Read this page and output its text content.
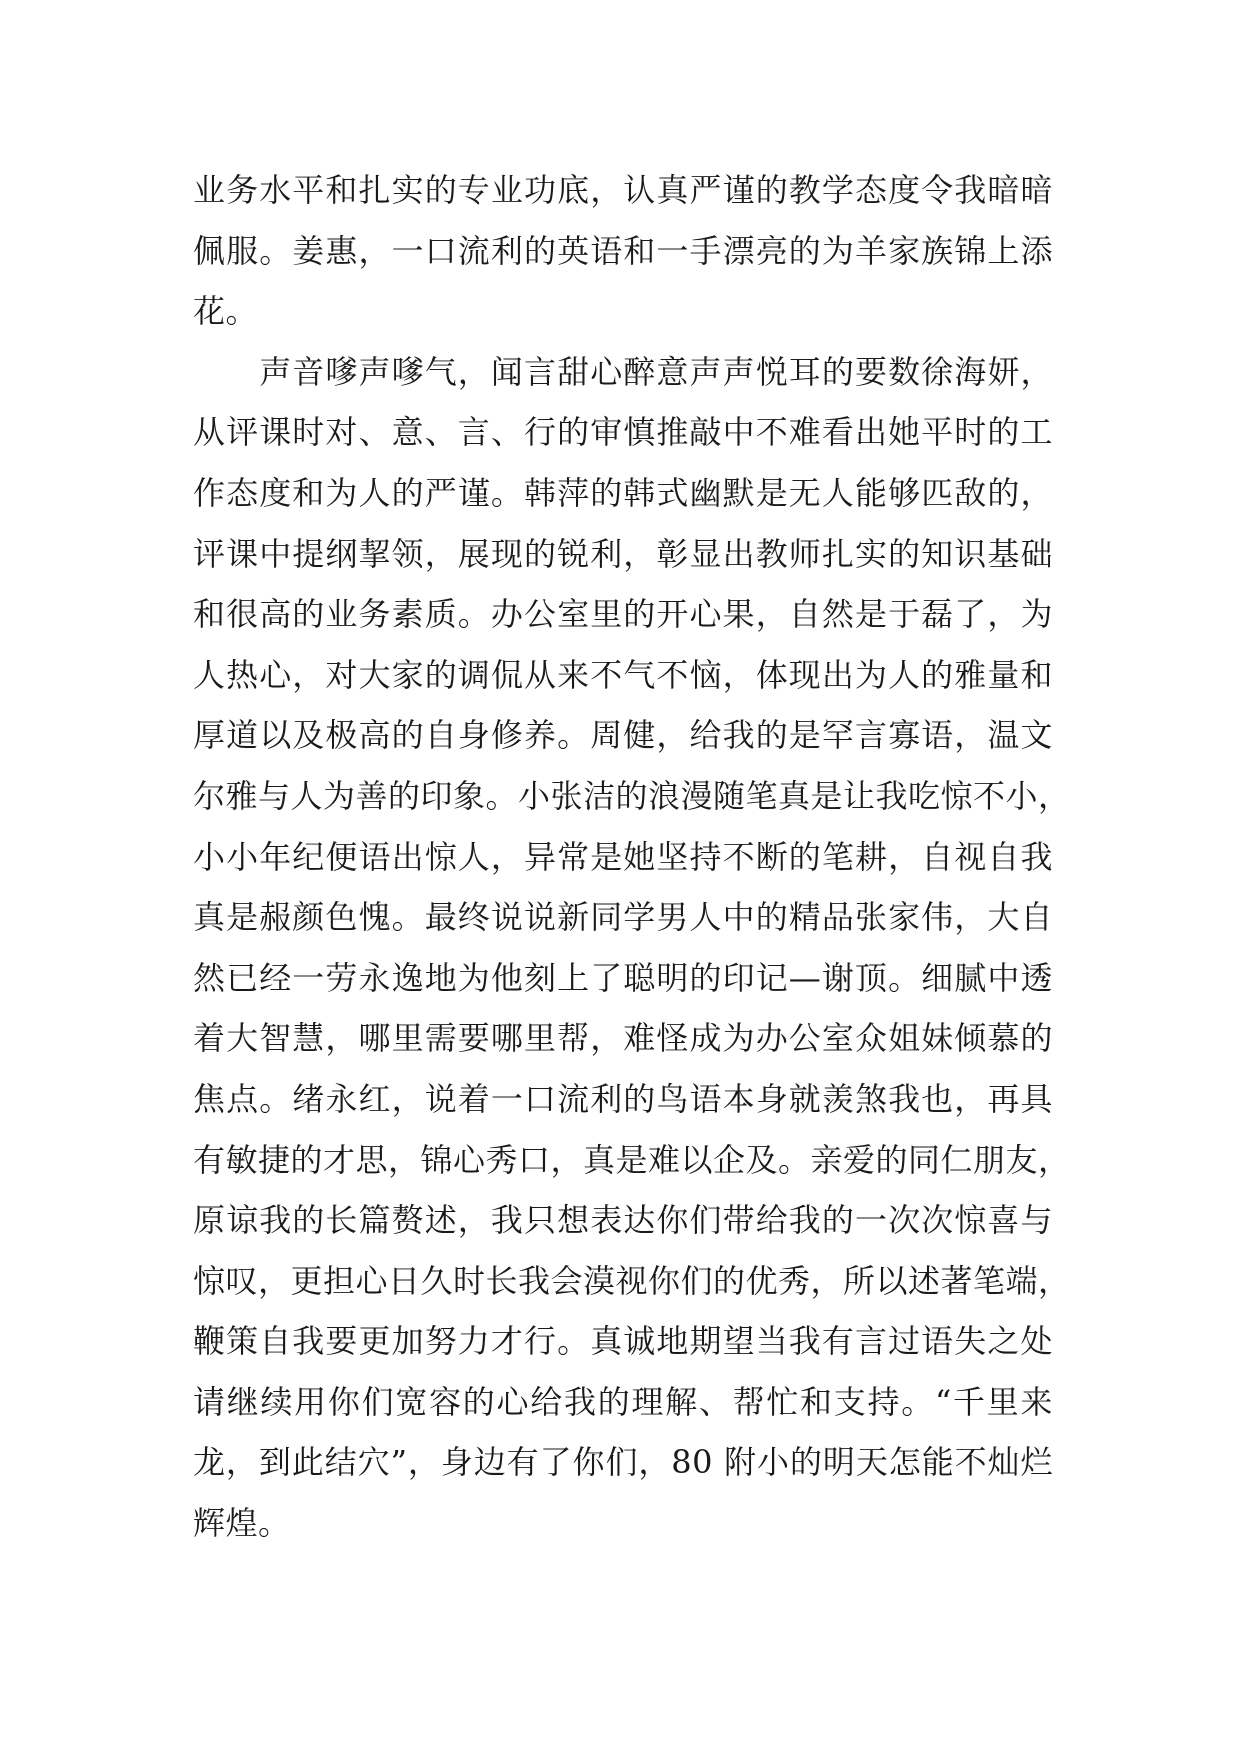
业务水平和扎实的专业功底，认真严谨的教学态度令我暗暗
佩服。姜惠，一口流利的英语和一手漂亮的为羊家族锦上添
花。
　　声音嗲声嗲气，闻言甜心醉意声声悦耳的要数徐海妍，
从评课时对、意、言、行的审慎推敲中不难看出她平时的工
作态度和为人的严谨。韩萍的韩式幽默是无人能够匹敌的，
评课中提纲挈领，展现的锐利，彰显出教师扎实的知识基础
和很高的业务素质。办公室里的开心果，自然是于磊了，为
人热心，对大家的调侃从来不气不恼，体现出为人的雅量和
厚道以及极高的自身修养。周健，给我的是罕言寡语，温文
尔雅与人为善的印象。小张洁的浪漫随笔真是让我吃惊不小，
小小年纪便语出惊人，异常是她坚持不断的笔耕，自视自我
真是赧颜色愧。最终说说新同学男人中的精品张家伟，大自
然已经一劳永逸地为他刻上了聪明的印记—谢顶。细腻中透
着大智慧，哪里需要哪里帮，难怪成为办公室众姐妹倾慕的
焦点。绪永红，说着一口流利的鸟语本身就羡煞我也，再具
有敏捷的才思，锦心秀口，真是难以企及。亲爱的同仁朋友，
原谅我的长篇赘述，我只想表达你们带给我的一次次惊喜与
惊叹，更担心日久时长我会漠视你们的优秀，所以述著笔端，
鞭策自我要更加努力才行。真诚地期望当我有言过语失之处
请继续用你们宽容的心给我的理解、帮忙和支持。“千里来
龙，到此结穴”，身边有了你们，80 附小的明天怎能不灿烂
辉煌。
